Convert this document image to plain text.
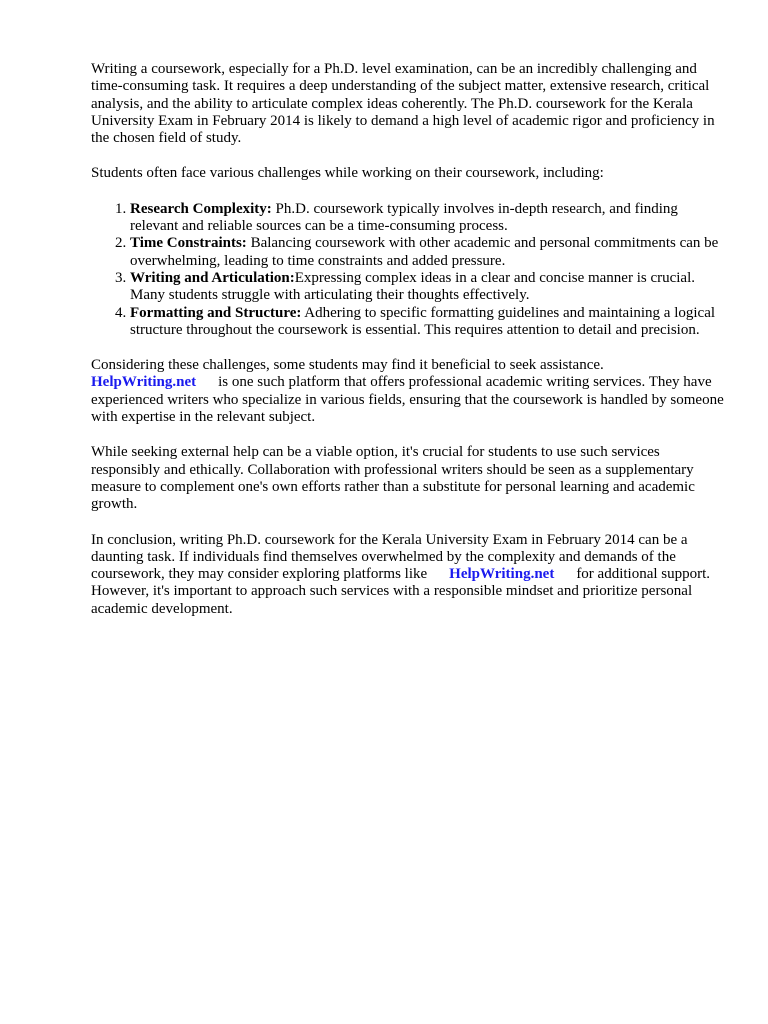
Writing a coursework, especially for a Ph.D. level examination, can be an incredibly challenging and time-consuming task. It requires a deep understanding of the subject matter, extensive research, critical analysis, and the ability to articulate complex ideas coherently. The Ph.D. coursework for the Kerala University Exam in February 2014 is likely to demand a high level of academic rigor and proficiency in the chosen field of study.

Students often face various challenges while working on their coursework, including:

1. Research Complexity: Ph.D. coursework typically involves in-depth research, and finding relevant and reliable sources can be a time-consuming process.
2. Time Constraints: Balancing coursework with other academic and personal commitments can be overwhelming, leading to time constraints and added pressure.
3. Writing and Articulation:Expressing complex ideas in a clear and concise manner is crucial. Many students struggle with articulating their thoughts effectively.
4. Formatting and Structure: Adhering to specific formatting guidelines and maintaining a logical structure throughout the coursework is essential. This requires attention to detail and precision.

Considering these challenges, some students may find it beneficial to seek assistance.
HelpWriting.net is one such platform that offers professional academic writing services. They have experienced writers who specialize in various fields, ensuring that the coursework is handled by someone with expertise in the relevant subject.

While seeking external help can be a viable option, it's crucial for students to use such services responsibly and ethically. Collaboration with professional writers should be seen as a supplementary measure to complement one's own efforts rather than a substitute for personal learning and academic growth.

In conclusion, writing Ph.D. coursework for the Kerala University Exam in February 2014 can be a daunting task. If individuals find themselves overwhelmed by the complexity and demands of the coursework, they may consider exploring platforms like HelpWriting.net for additional support. However, it's important to approach such services with a responsible mindset and prioritize personal academic development.
